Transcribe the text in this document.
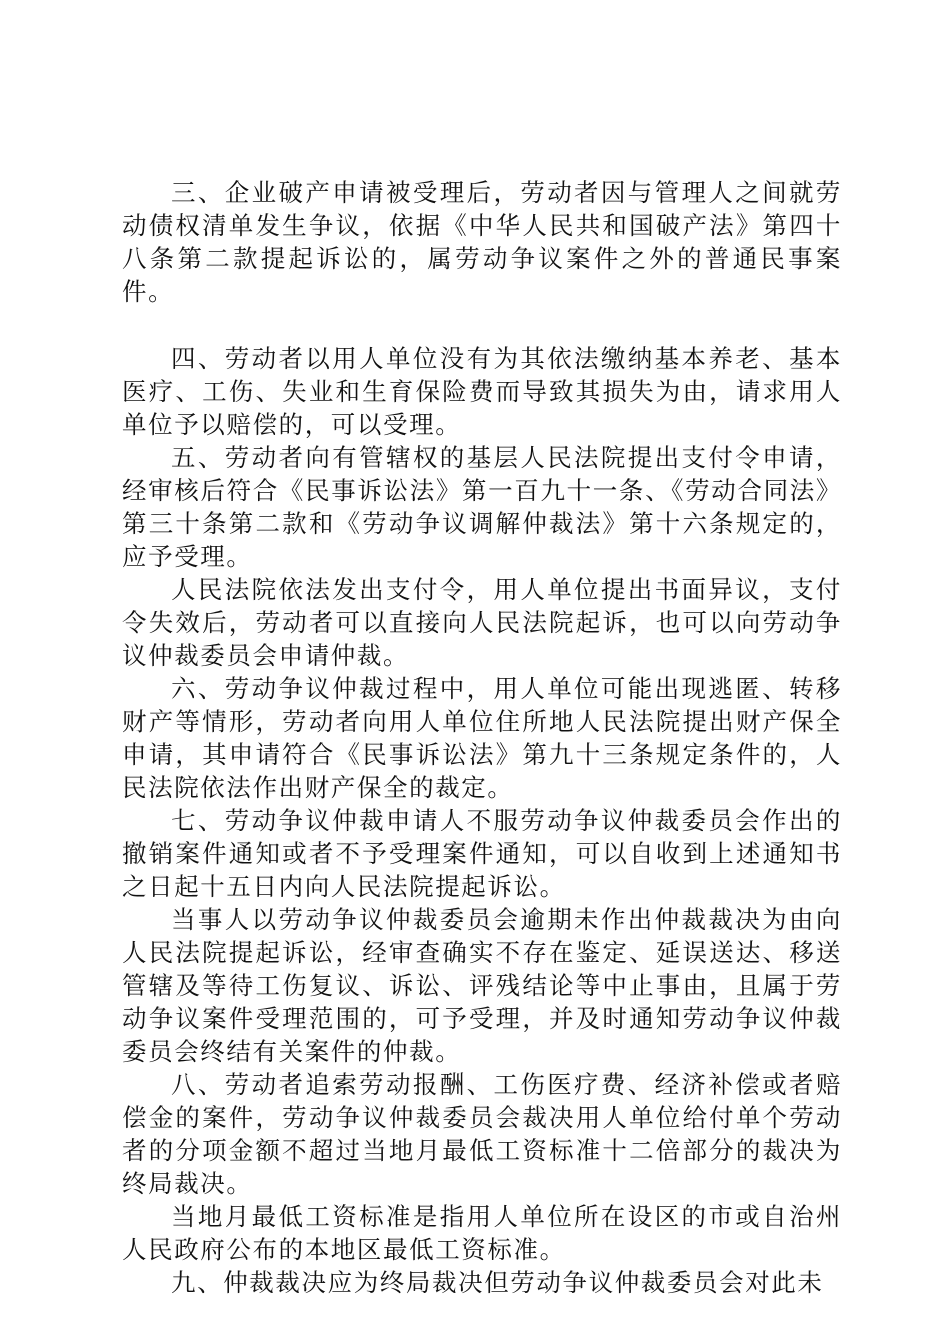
三、企业破产申请被受理后，劳动者因与管理人之间就劳动债权清单发生争议，依据《中华人民共和国破产法》第四十八条第二款提起诉讼的，属劳动争议案件之外的普通民事案件。

四、劳动者以用人单位没有为其依法缴纳基本养老、基本医疗、工伤、失业和生育保险费而导致其损失为由，请求用人单位予以赔偿的，可以受理。

五、劳动者向有管辖权的基层人民法院提出支付令申请，经审核后符合《民事诉讼法》第一百九十一条、《劳动合同法》第三十条第二款和《劳动争议调解仲裁法》第十六条规定的，应予受理。

人民法院依法发出支付令，用人单位提出书面异议，支付令失效后，劳动者可以直接向人民法院起诉，也可以向劳动争议仲裁委员会申请仲裁。

六、劳动争议仲裁过程中，用人单位可能出现逃匿、转移财产等情形，劳动者向用人单位住所地人民法院提出财产保全申请，其申请符合《民事诉讼法》第九十三条规定条件的，人民法院依法作出财产保全的裁定。

七、劳动争议仲裁申请人不服劳动争议仲裁委员会作出的撤销案件通知或者不予受理案件通知，可以自收到上述通知书之日起十五日内向人民法院提起诉讼。

当事人以劳动争议仲裁委员会逾期未作出仲裁裁决为由向人民法院提起诉讼，经审查确实不存在鉴定、延误送达、移送管辖及等待工伤复议、诉讼、评残结论等中止事由，且属于劳动争议案件受理范围的，可予受理，并及时通知劳动争议仲裁委员会终结有关案件的仲裁。

八、劳动者追索劳动报酬、工伤医疗费、经济补偿或者赔偿金的案件，劳动争议仲裁委员会裁决用人单位给付单个劳动者的分项金额不超过当地月最低工资标准十二倍部分的裁决为终局裁决。

当地月最低工资标准是指用人单位所在设区的市或自治州人民政府公布的本地区最低工资标准。

九、仲裁裁决应为终局裁决但劳动争议仲裁委员会对此未
